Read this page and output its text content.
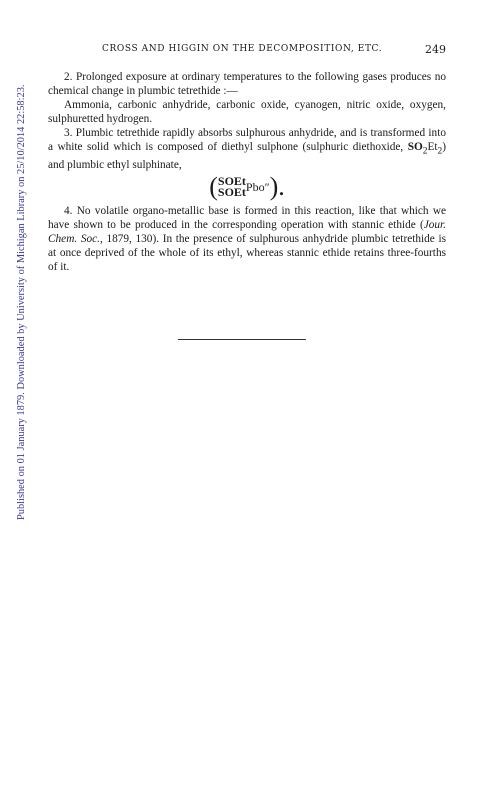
Published on 01 January 1879. Downloaded by University of Michigan Library on 25/10/2014 22:58:23.
CROSS AND HIGGIN ON THE DECOMPOSITION, ETC.	249

2. Prolonged exposure at ordinary temperatures to the following gases produces no chemical change in plumbic tetrethide :—

Ammonia, carbonic anhydride, carbonic oxide, cyanogen, nitric oxide, oxygen, sulphuretted hydrogen.

3. Plumbic tetrethide rapidly absorbs sulphurous anhydride, and is transformed into a white solid which is composed of diethyl sulphone (sulphuric diethoxide, $SO_2Et_2$) and plumbic ethyl sulphinate,

(SOEt
SOEtPbo″).

4. No volatile organo-metallic base is formed in this reaction, like that which we have shown to be produced in the corresponding operation with stannic ethide (Jour. Chem. Soc., 1879, 130). In the presence of sulphurous anhydride plumbic tetrethide is at once deprived of the whole of its ethyl, whereas stannic ethide retains three-fourths of it.
